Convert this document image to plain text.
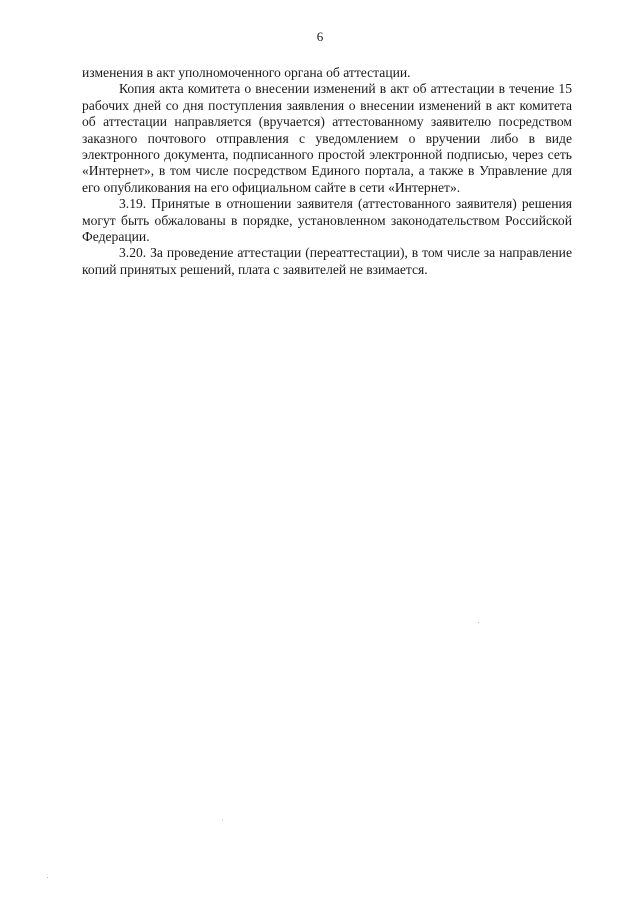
6

изменения в акт уполномоченного органа об аттестации.

Копия акта комитета о внесении изменений в акт об аттестации в течение 15 рабочих дней со дня поступления заявления о внесении изменений в акт комитета об аттестации направляется (вручается) аттестованному заявителю посредством заказного почтового отправления с уведомлением о вручении либо в виде электронного документа, подписанного простой электронной подписью, через сеть «Интернет», в том числе посредством Единого портала, а также в Управление для его опубликования на его официальном сайте в сети «Интернет».

3.19. Принятые в отношении заявителя (аттестованного заявителя) решения могут быть обжалованы в порядке, установленном законодательством Российской Федерации.

3.20. За проведение аттестации (переаттестации), в том числе за направление копий принятых решений, плата с заявителей не взимается.
